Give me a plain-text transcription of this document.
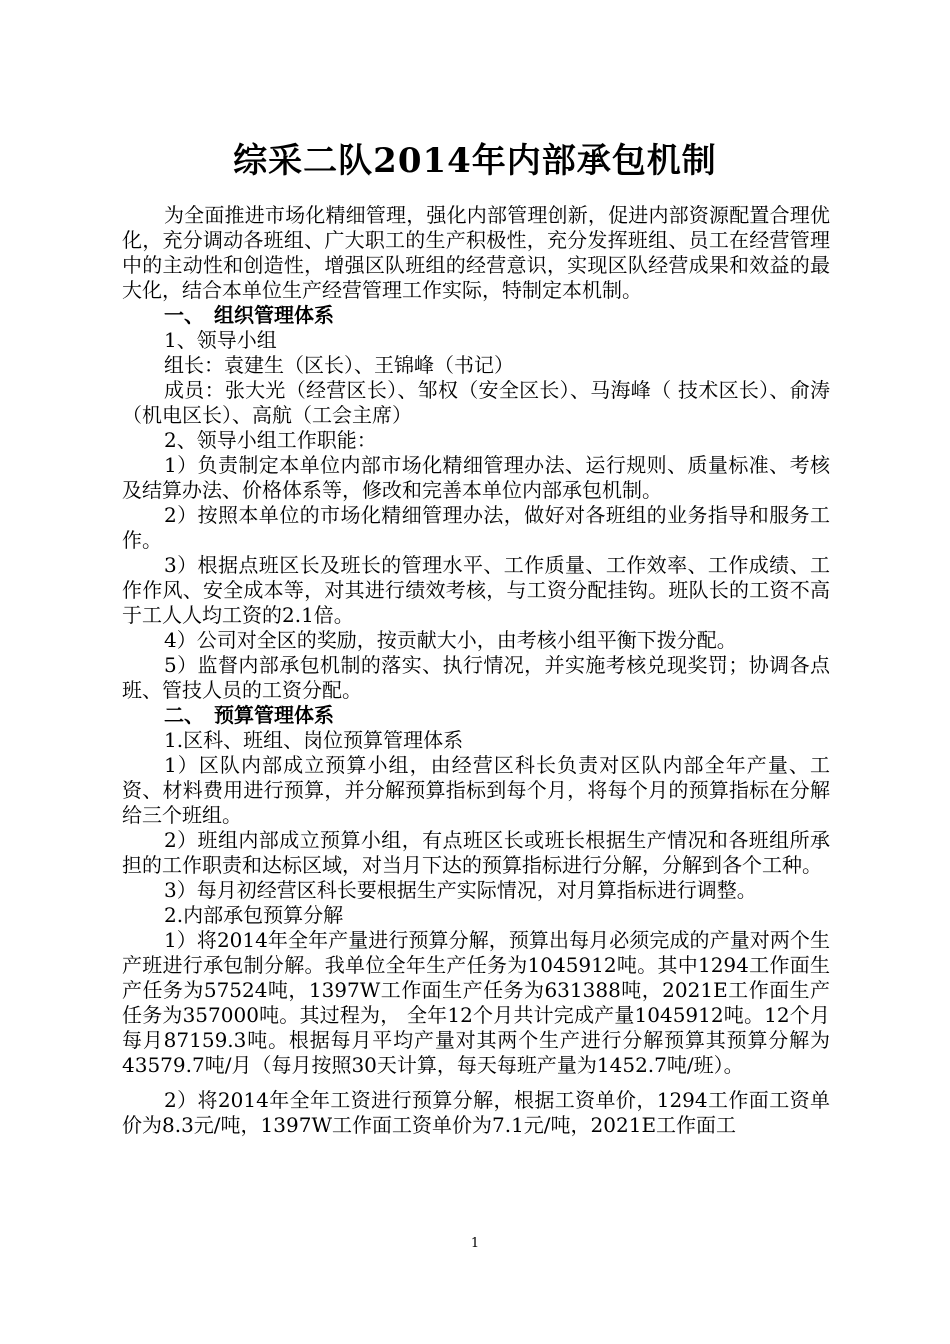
综采二队2014年内部承包机制

为全面推进市场化精细管理，强化内部管理创新，促进内部资源配置合理优化，充分调动各班组、广大职工的生产积极性，充分发挥班组、员工在经营管理中的主动性和创造性，增强区队班组的经营意识，实现区队经营成果和效益的最大化，结合本单位生产经营管理工作实际，特制定本机制。

一、　组织管理体系

1、领导小组

组长：袁建生（区长）、王锦峰（书记）

成员：张大光（经营区长）、邹权（安全区长）、马海峰（ 技术区长）、俞涛（机电区长）、高航（工会主席）

2、领导小组工作职能：

1）负责制定本单位内部市场化精细管理办法、运行规则、质量标准、考核及结算办法、价格体系等，修改和完善本单位内部承包机制。

2）按照本单位的市场化精细管理办法，做好对各班组的业务指导和服务工作。

3）根据点班区长及班长的管理水平、工作质量、工作效率、工作成绩、工作作风、安全成本等，对其进行绩效考核，与工资分配挂钩。班队长的工资不高于工人人均工资的2.1倍。

4）公司对全区的奖励，按贡献大小，由考核小组平衡下拨分配。

5）监督内部承包机制的落实、执行情况，并实施考核兑现奖罚；协调各点班、管技人员的工资分配。

二、　预算管理体系

1.区科、班组、岗位预算管理体系

1）区队内部成立预算小组，由经营区科长负责对区队内部全年产量、工资、材料费用进行预算，并分解预算指标到每个月，将每个月的预算指标在分解给三个班组。

2）班组内部成立预算小组，有点班区长或班长根据生产情况和各班组所承担的工作职责和达标区域，对当月下达的预算指标进行分解，分解到各个工种。

3）每月初经营区科长要根据生产实际情况，对月算指标进行调整。

2.内部承包预算分解

1）将2014年全年产量进行预算分解，预算出每月必须完成的产量对两个生产班进行承包制分解。我单位全年生产任务为1045912吨。其中1294工作面生产任务为57524吨，1397W工作面生产任务为631388吨，2021E工作面生产任务为357000吨。其过程为， 全年12个月共计完成产量1045912吨。12个月每月87159.3吨。根据每月平均产量对其两个生产进行分解预算其预算分解为43579.7吨/月（每月按照30天计算，每天每班产量为1452.7吨/班）。

2）将2014年全年工资进行预算分解，根据工资单价，1294工作面工资单价为8.3元/吨，1397W工作面工资单价为7.1元/吨，2021E工作面工

1
